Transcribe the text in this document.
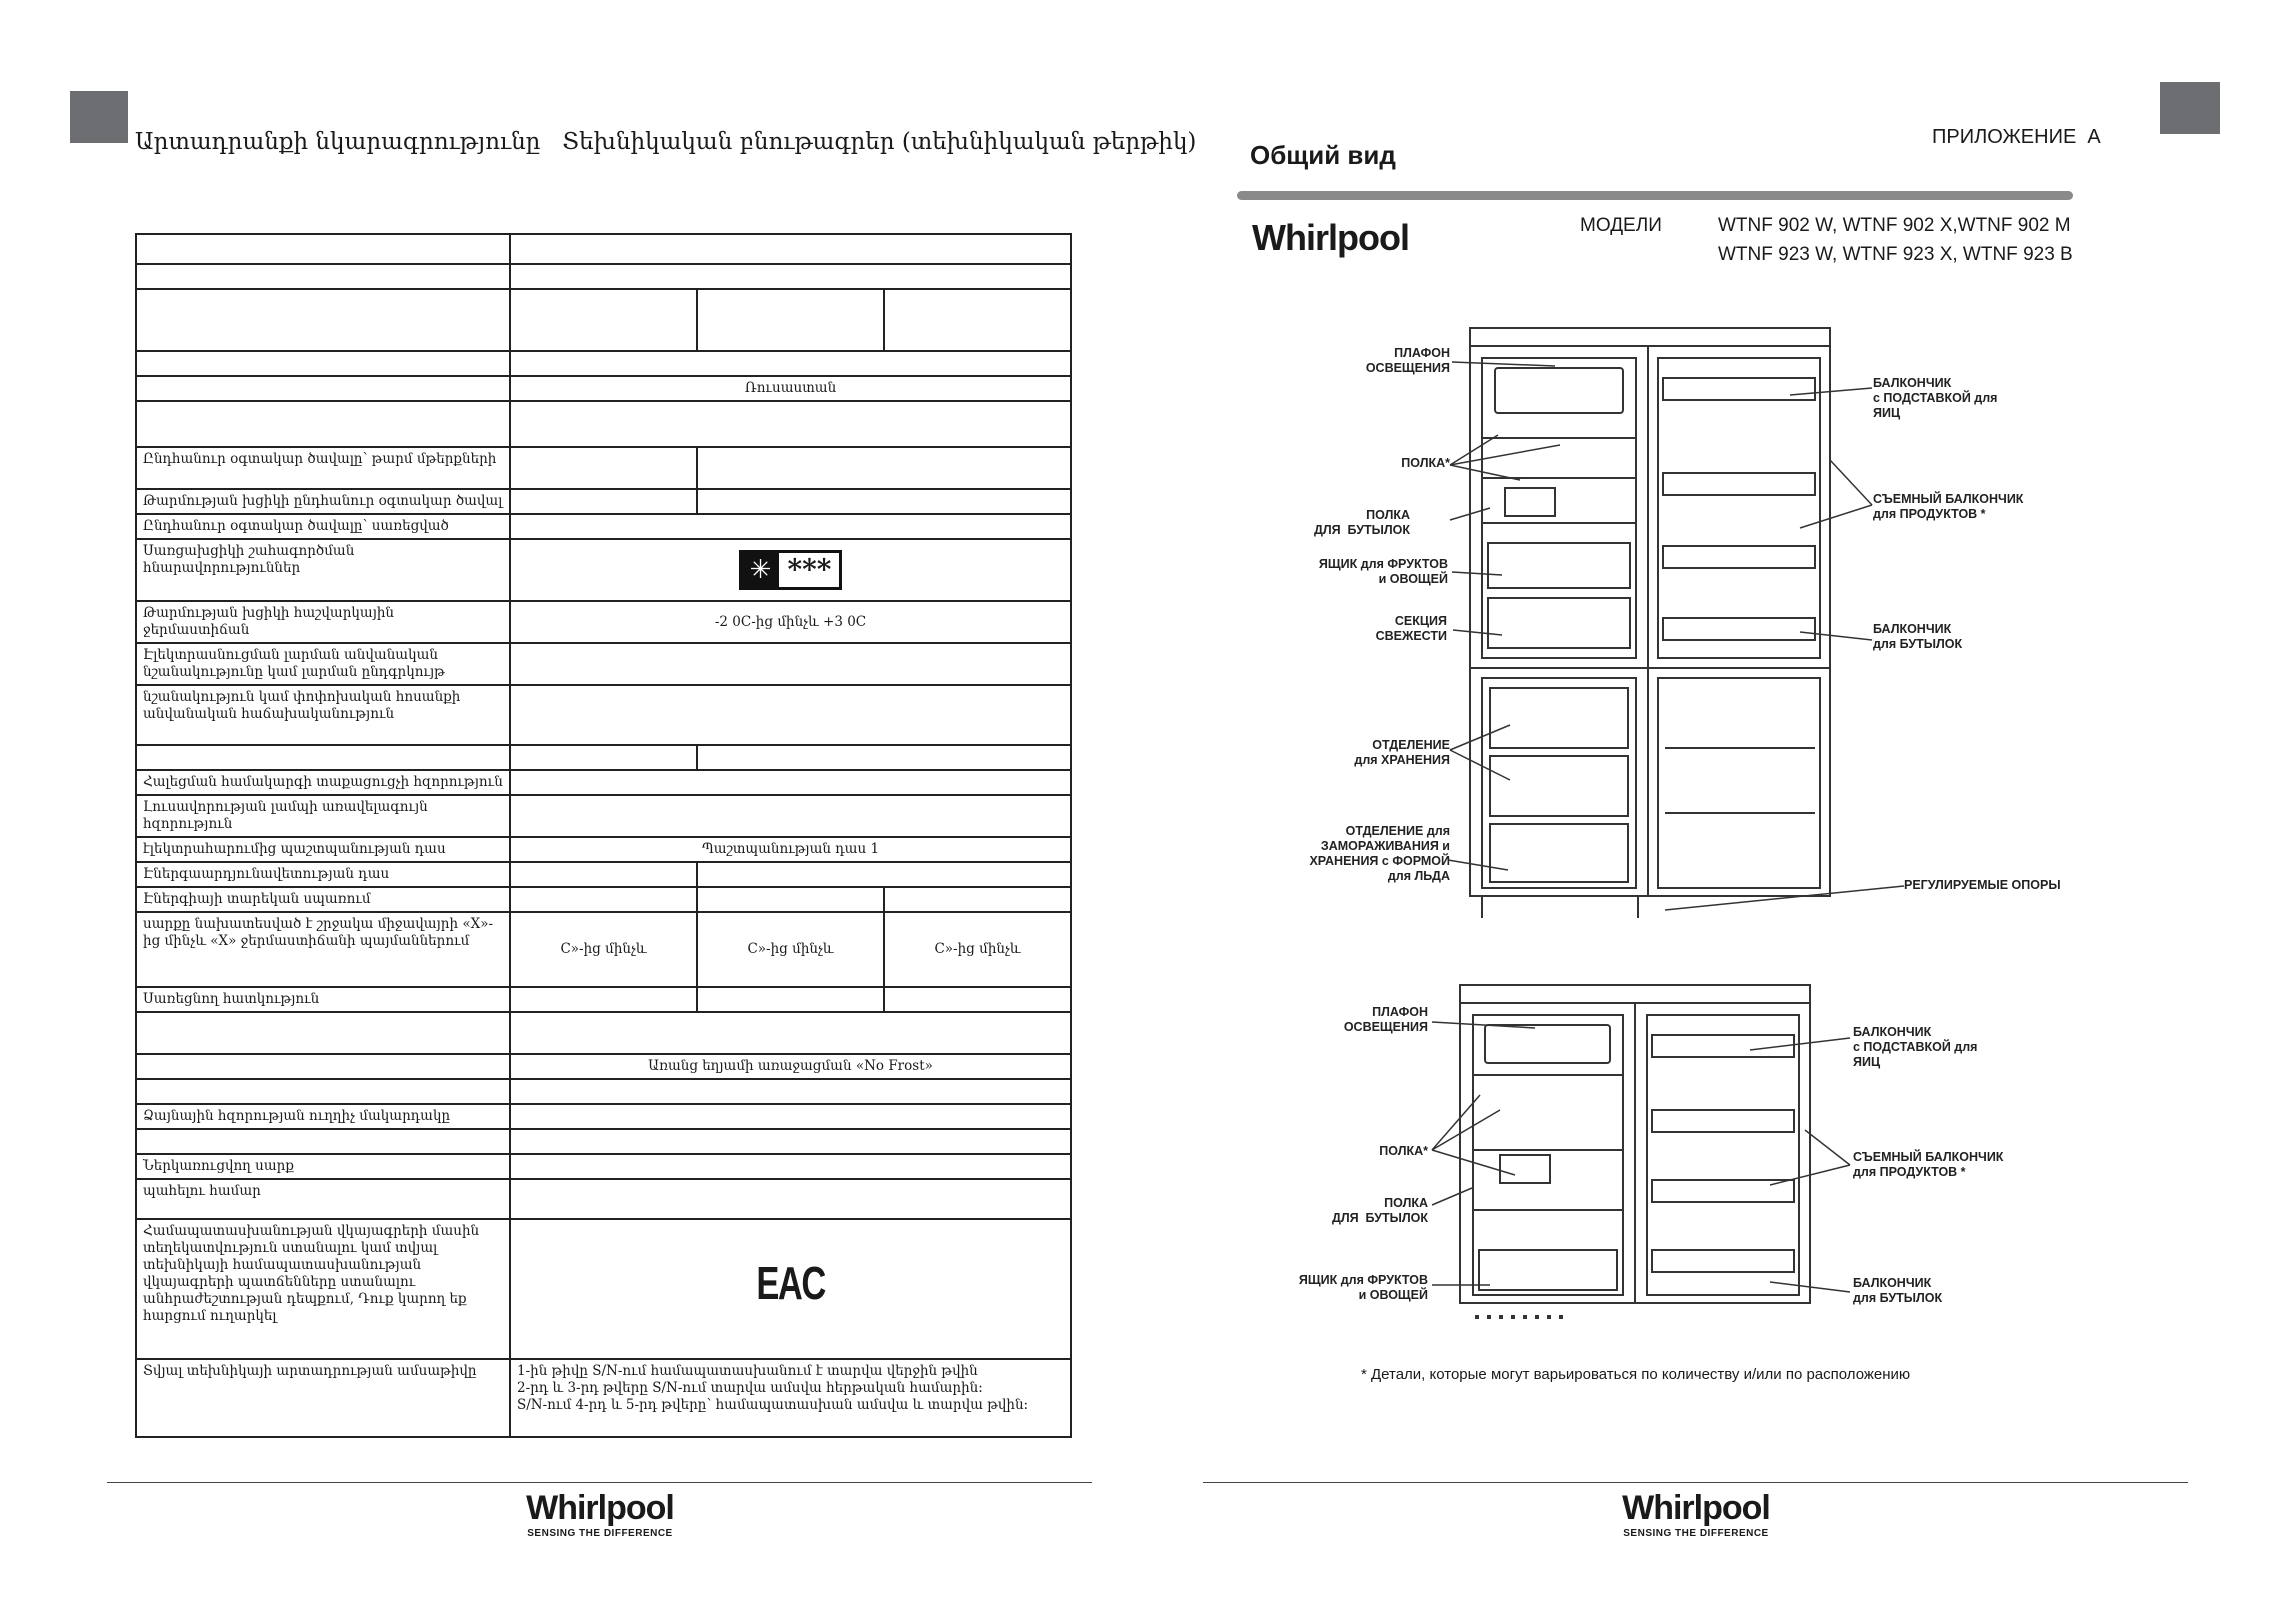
Արտադրանքի նկարագրությունը   Տեխնիկական բնութագրեր (տեխնիկական թերթիկ)

	Ռուսաստան		

Ընդհանուր օգտակար ծավալը՝ թարմ մթերքների			
Թարմության խցիկի ընդհանուր օգտակար ծավալ			
Ընդհանուր օգտակար ծավալը՝ սառեցված			
Սառցախցիկի շահագործման հնարավորություններ	✳ ***		

Թարմության խցիկի հաշվարկային ջերմաստիճան	-2 0C-ից մինչև +3 0C		
Էլեկտրասնուցման լարման անվանական նշանակությունը կամ լարման ընդգրկույթ			
նշանակություն կամ փոփոխական հոսանքի անվանական հաճախականություն			

Հալեցման համակարգի տաքացուցչի հզորություն			
Լուսավորության լամպի առավելագույն հզորություն			
էլեկտրահարումից պաշտպանության դաս	Պաշտպանության դաս 1		
Էներգաարդյունավետության դաս			
Էներգիայի տարեկան սպառում			
սարքը նախատեսված է շրջակա միջավայրի «X»-ից մինչև «X» ջերմաստիճանի պայմաններում	C»-ից մինչև	C»-ից մինչև	C»-ից մինչև
Սառեցնող հատկություն			

	Առանց եղյամի առաջացման «No Frost»		

Ձայնային հզորության ուղղիչ մակարդակը			

Ներկառուցվող սարք			
պահելու համար			
Համապատասխանության վկայագրերի մասին տեղեկատվություն ստանալու կամ տվյալ տեխնիկայի համապատասխանության վկայագրերի պատճենները ստանալու անհրաժեշտության դեպքում, Դուք կարող եք հարցում ուղարկել	EAC		
Տվյալ տեխնիկայի արտադրության ամսաթիվը	1-ին թիվը S/N-ում համապատասխանում է տարվա վերջին թվին
2-րդ և 3-րդ թվերը S/N-ում տարվա ամսվա հերթական համարին:
S/N-ում 4-րդ և 5-րդ թվերը՝ համապատասխան ամսվա և տարվա թվին:		
Whirlpool
SENSING THE DIFFERENCE
ПРИЛОЖЕНИЕ  А
Общий вид
Whirlpool	МОДЕЛИ	WTNF 902 W, WTNF 902 X,WTNF 902 M
WTNF 923 W, WTNF 923 X, WTNF 923 B
ПЛАФОН
ОСВЕЩЕНИЯ
ПОЛКА*
ПОЛКА
ДЛЯ  БУТЫЛОК
ЯЩИК для ФРУКТОВ
и ОВОЩЕЙ
СЕКЦИЯ
СВЕЖЕСТИ
ОТДЕЛЕНИЕ
для ХРАНЕНИЯ
ОТДЕЛЕНИЕ для
ЗАМОРАЖИВАНИЯ и
ХРАНЕНИЯ с ФОРМОЙ
для ЛЬДА
БАЛКОНЧИК
с ПОДСТАВКОЙ для
ЯИЦ
СЪЕМНЫЙ БАЛКОНЧИК
для ПРОДУКТОВ *
БАЛКОНЧИК
для БУТЫЛОК
РЕГУЛИРУЕМЫЕ ОПОРЫ
ПЛАФОН
ОСВЕЩЕНИЯ
ПОЛКА*
ПОЛКА
ДЛЯ  БУТЫЛОК
ЯЩИК для ФРУКТОВ
и ОВОЩЕЙ
БАЛКОНЧИК
с ПОДСТАВКОЙ для
ЯИЦ
СЪЕМНЫЙ БАЛКОНЧИК
для ПРОДУКТОВ *
БАЛКОНЧИК
для БУТЫЛОК
* Детали, которые могут варьироваться по количеству и/или по расположению
Whirlpool
SENSING THE DIFFERENCE
